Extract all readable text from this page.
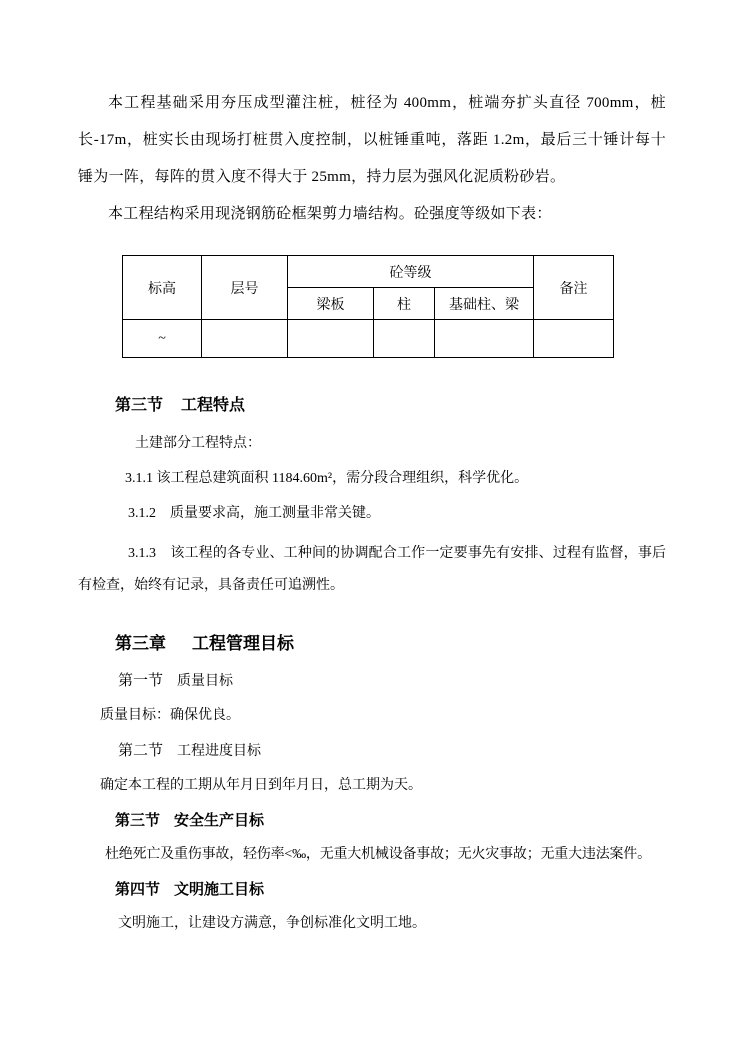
本工程基础采用夯压成型灌注桩，桩径为 400mm，桩端夯扩头直径 700mm，桩长-17m，桩实长由现场打桩贯入度控制，以桩锤重吨，落距 1.2m，最后三十锤计每十锤为一阵，每阵的贯入度不得大于 25mm，持力层为强风化泥质粉砂岩。

本工程结构采用现浇钢筋砼框架剪力墙结构。砼强度等级如下表：

标高	层号	砼等级			备注
		梁板	柱	基础柱、梁	
~					
第三节 工程特点

土建部分工程特点：

3.1.1 该工程总建筑面积 1184.60m²，需分段合理组织，科学优化。

3.1.2　质量要求高，施工测量非常关键。

3.1.3　该工程的各专业、工种间的协调配合工作一定要事先有安排、过程有监督，事后有检查，始终有记录，具备责任可追溯性。

第三章 工程管理目标
第一节 质量目标

质量目标：确保优良。

第二节 工程进度目标

确定本工程的工期从年月日到年月日，总工期为天。

第三节 安全生产目标

杜绝死亡及重伤事故，轻伤率<‰，无重大机械设备事故；无火灾事故；无重大违法案件。

第四节 文明施工目标

文明施工，让建设方满意，争创标准化文明工地。
